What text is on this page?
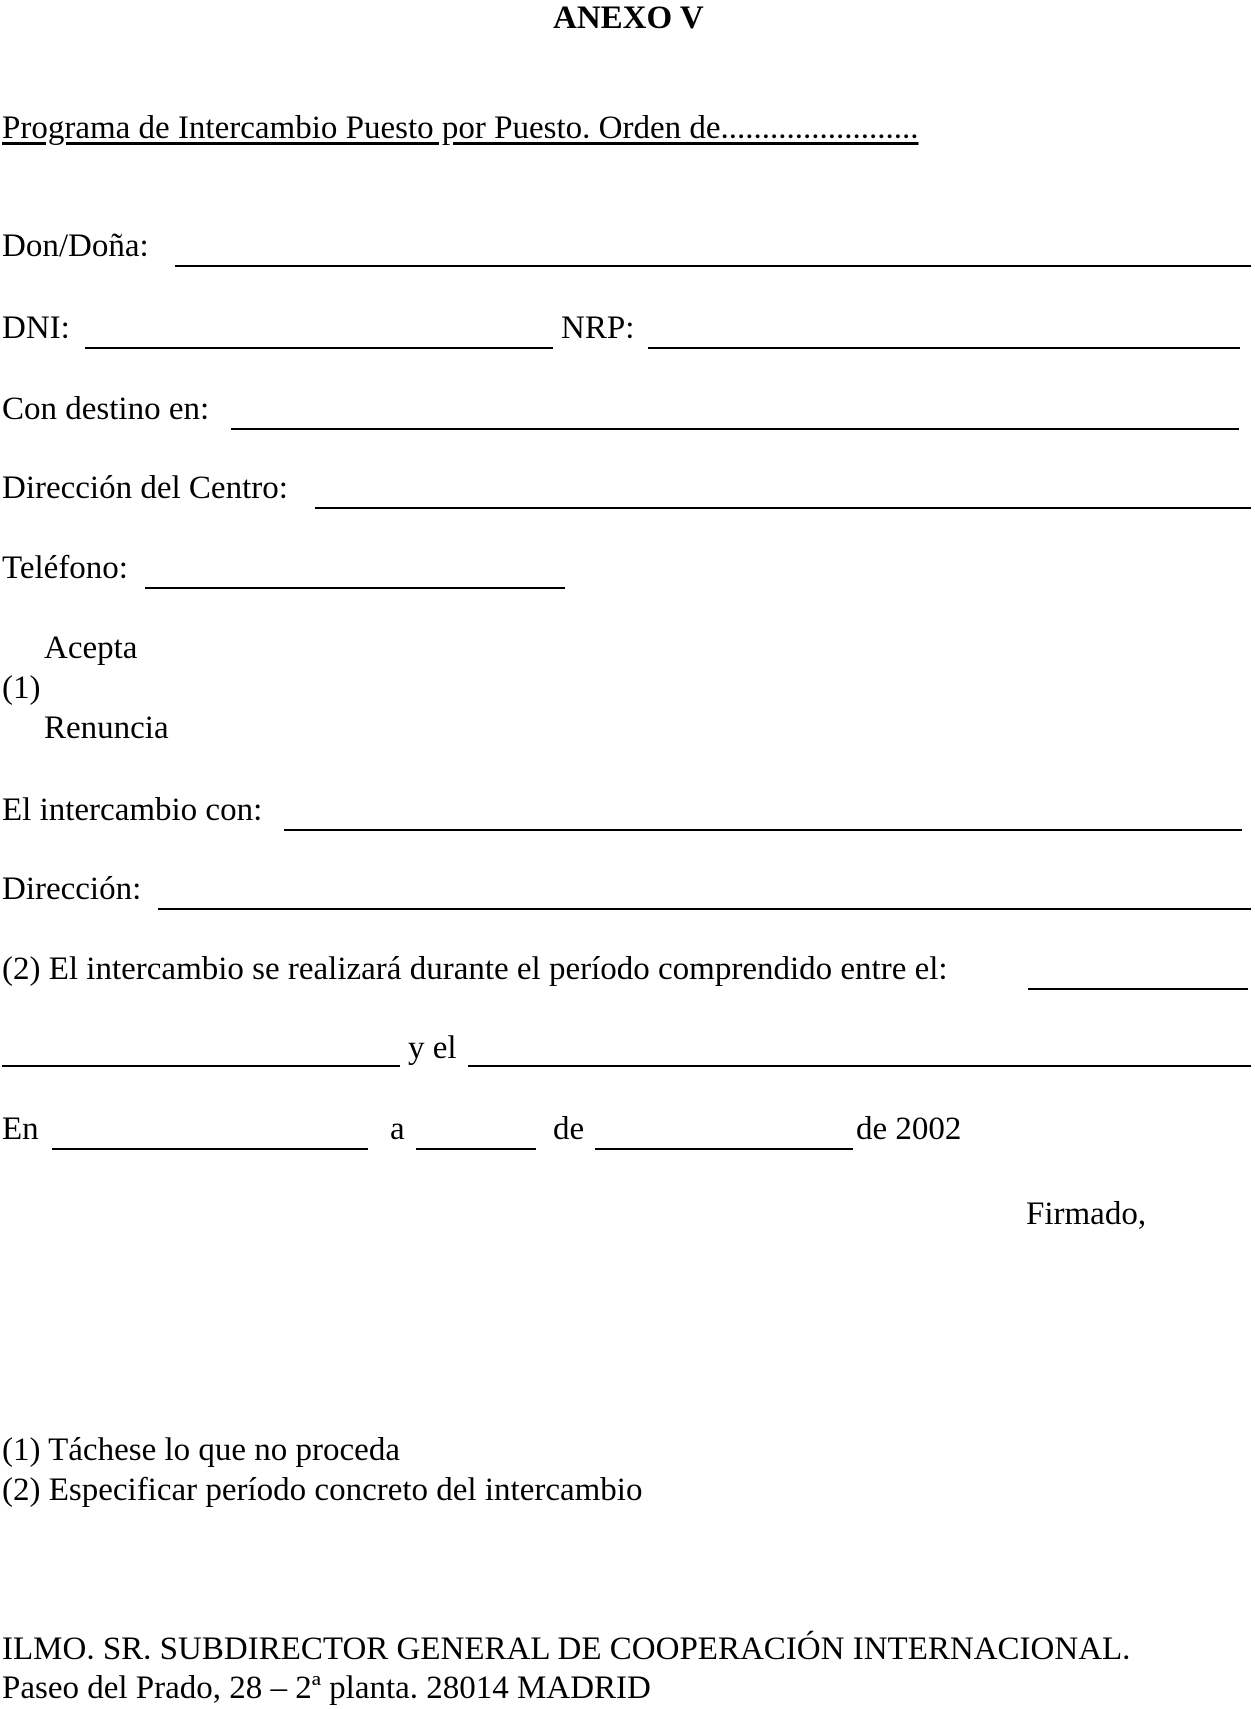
ANEXO V
Programa de Intercambio Puesto por Puesto. Orden de........................
Don/Doña:
DNI:	NRP:
Con destino en:
Dirección del Centro:
Teléfono:
Acepta
(1)
Renuncia
El intercambio con:
Dirección:
(2) El intercambio se realizará durante el período comprendido entre el:
y el
En	a	de	de 2002
Firmado,
(1) Táchese lo que no proceda
(2) Especificar período concreto del intercambio
ILMO. SR. SUBDIRECTOR GENERAL DE COOPERACIÓN INTERNACIONAL.
Paseo del Prado, 28 – 2ª planta. 28014 MADRID
